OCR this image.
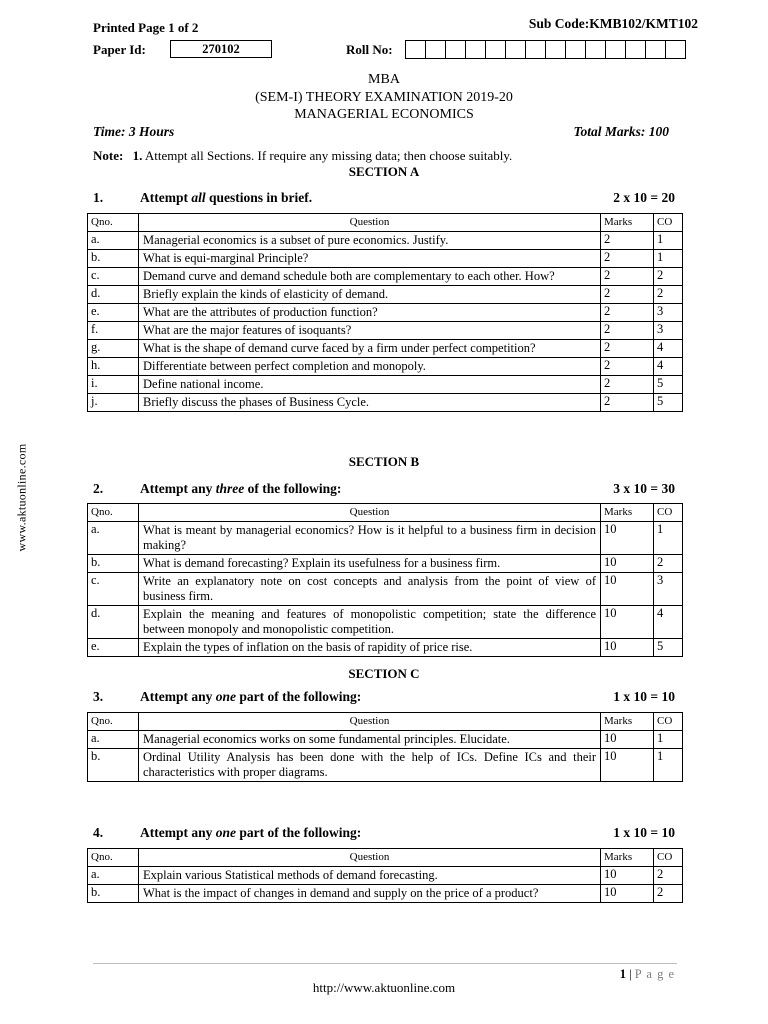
Printed Page 1 of 2	Sub Code:KMB102/KMT102
Paper Id:	270102	Roll No:
MBA
(SEM-I) THEORY EXAMINATION 2019-20
MANAGERIAL ECONOMICS
Time: 3 Hours	Total Marks: 100
Note: 1. Attempt all Sections. If require any missing data; then choose suitably.
SECTION A
1.	Attempt all questions in brief.	2 x 10 = 20
Qno.	Question	Marks	CO
a.	Managerial economics is a subset of pure economics. Justify.	2	1
b.	What is equi-marginal Principle?	2	1
c.	Demand curve and demand schedule both are complementary to each other. How?	2	2
d.	Briefly explain the kinds of elasticity of demand.	2	2
e.	What are the attributes of production function?	2	3
f.	What are the major features of isoquants?	2	3
g.	What is the shape of demand curve faced by a firm under perfect competition?	2	4
h.	Differentiate between perfect completion and monopoly.	2	4
i.	Define national income.	2	5
j.	Briefly discuss the phases of Business Cycle.	2	5
SECTION B
2.	Attempt any three of the following:	3 x 10 = 30
Qno.	Question	Marks	CO
a.	What is meant by managerial economics? How is it helpful to a business firm in decision making?	10	1
b.	What is demand forecasting? Explain its usefulness for a business firm.	10	2
c.	Write an explanatory note on cost concepts and analysis from the point of view of business firm.	10	3
d.	Explain the meaning and features of monopolistic competition; state the difference between monopoly and monopolistic competition.	10	4
e.	Explain the types of inflation on the basis of rapidity of price rise.	10	5
SECTION C
3.	Attempt any one part of the following:	1 x 10 = 10
Qno.	Question	Marks	CO
a.	Managerial economics works on some fundamental principles. Elucidate.	10	1
b.	Ordinal Utility Analysis has been done with the help of ICs. Define ICs and their characteristics with proper diagrams.	10	1
4.	Attempt any one part of the following:	1 x 10 = 10
Qno.	Question	Marks	CO
a.	Explain various Statistical methods of demand forecasting.	10	2
b.	What is the impact of changes in demand and supply on the price of a product?	10	2
1 | P a g e
http://www.aktuonline.com
www.aktuonline.com
